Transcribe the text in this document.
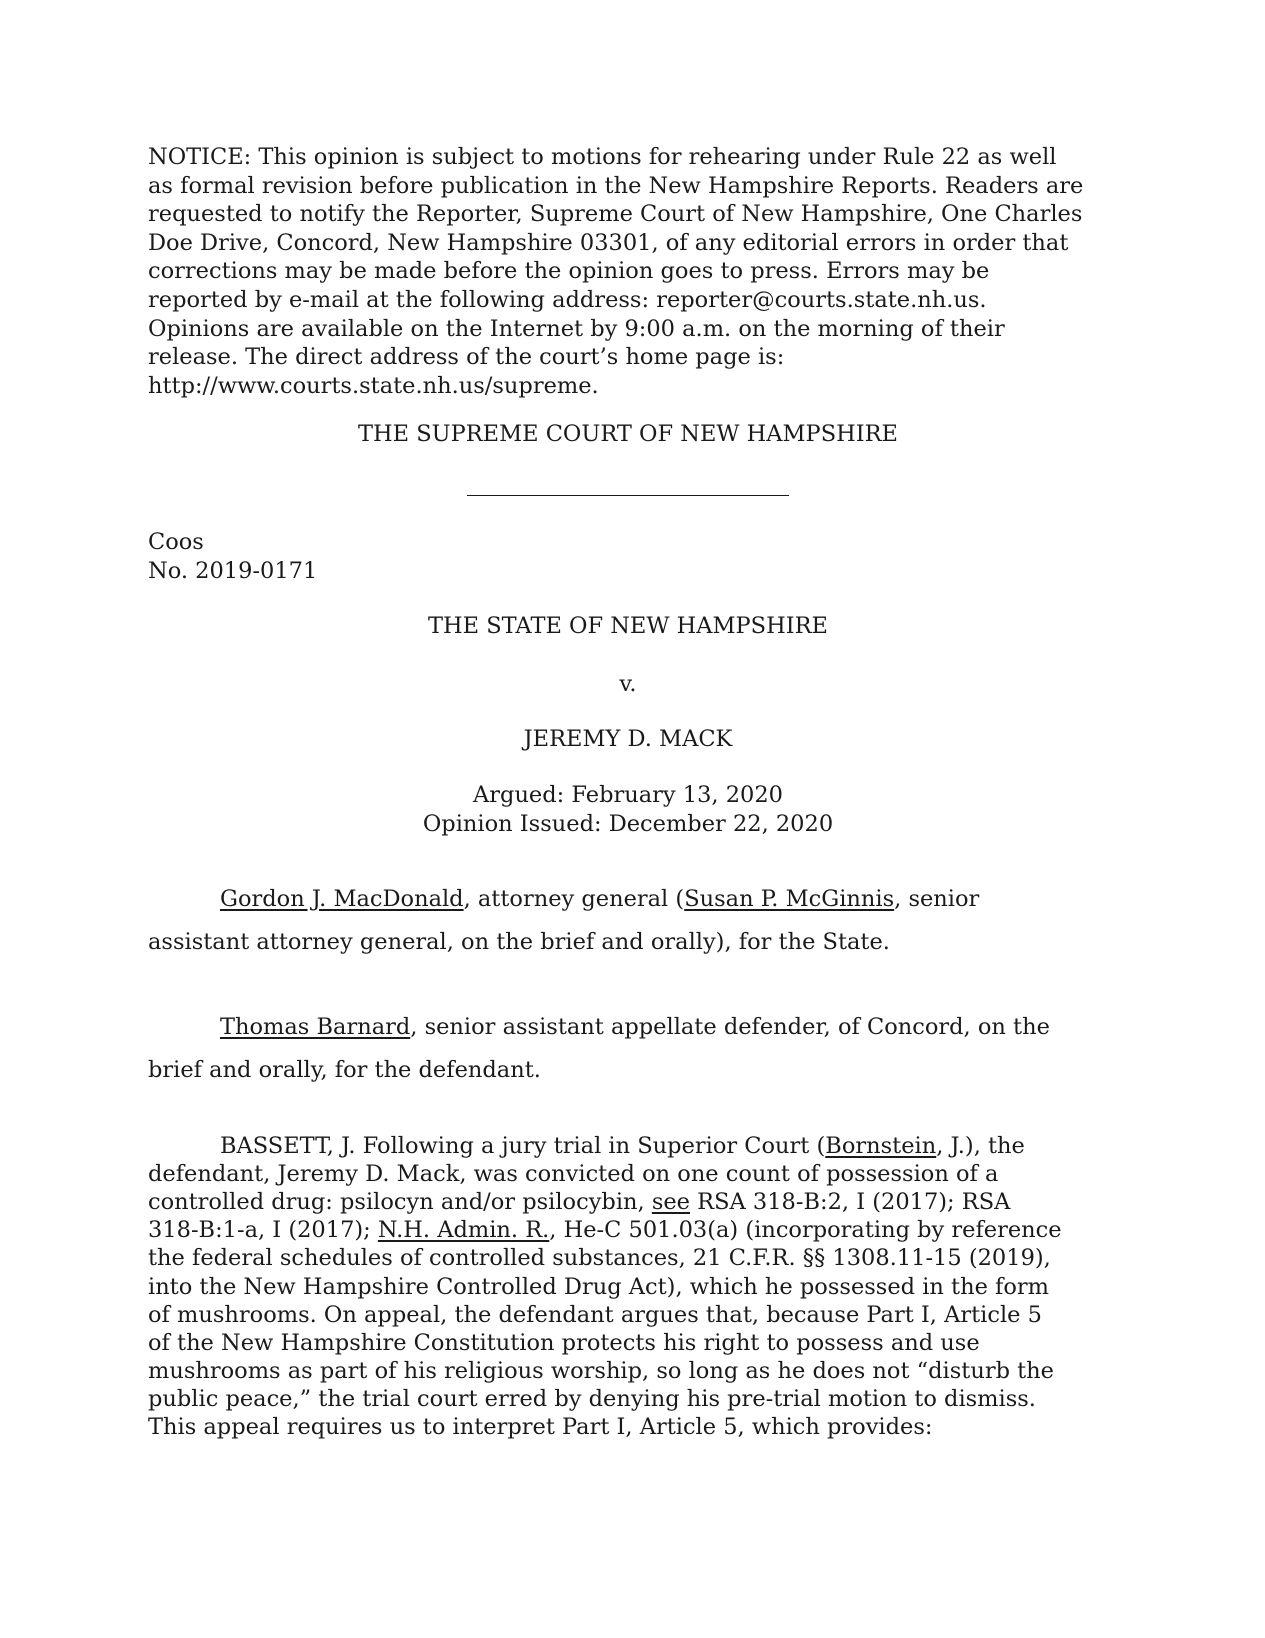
NOTICE: This opinion is subject to motions for rehearing under Rule 22 as well
as formal revision before publication in the New Hampshire Reports. Readers are
requested to notify the Reporter, Supreme Court of New Hampshire, One Charles
Doe Drive, Concord, New Hampshire 03301, of any editorial errors in order that
corrections may be made before the opinion goes to press. Errors may be
reported by e-mail at the following address: reporter@courts.state.nh.us.
Opinions are available on the Internet by 9:00 a.m. on the morning of their
release. The direct address of the court’s home page is:
http://www.courts.state.nh.us/supreme.

THE SUPREME COURT OF NEW HAMPSHIRE

Coos
No. 2019-0171

THE STATE OF NEW HAMPSHIRE

v.

JEREMY D. MACK

Argued: February 13, 2020
Opinion Issued: December 22, 2020
Gordon J. MacDonald, attorney general (Susan P. McGinnis, senior
assistant attorney general, on the brief and orally), for the State.
Thomas Barnard, senior assistant appellate defender, of Concord, on the
brief and orally, for the defendant.
BASSETT, J. Following a jury trial in Superior Court (Bornstein, J.), the
defendant, Jeremy D. Mack, was convicted on one count of possession of a
controlled drug: psilocyn and/or psilocybin, see RSA 318-B:2, I (2017); RSA
318-B:1-a, I (2017); N.H. Admin. R., He-C 501.03(a) (incorporating by reference
the federal schedules of controlled substances, 21 C.F.R. §§ 1308.11-15 (2019),
into the New Hampshire Controlled Drug Act), which he possessed in the form
of mushrooms. On appeal, the defendant argues that, because Part I, Article 5
of the New Hampshire Constitution protects his right to possess and use
mushrooms as part of his religious worship, so long as he does not “disturb the
public peace,” the trial court erred by denying his pre-trial motion to dismiss.
This appeal requires us to interpret Part I, Article 5, which provides:
